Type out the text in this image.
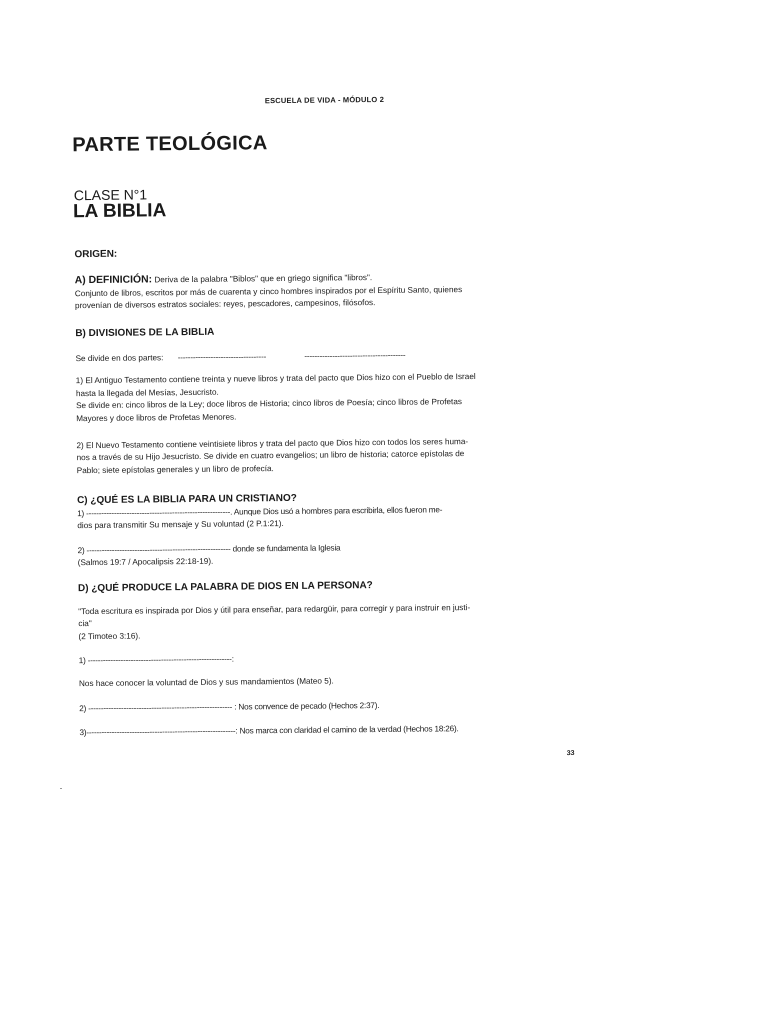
ESCUELA DE VIDA - MÓDULO 2
PARTE TEOLÓGICA
CLASE N°1
LA BIBLIA
ORIGEN:
A) DEFINICIÓN: Deriva de la palabra "Biblos" que en griego significa "libros".
Conjunto de libros, escritos por más de cuarenta y cinco hombres inspirados por el Espíritu Santo, quienes
provenían de diversos estratos sociales: reyes, pescadores, campesinos, filósofos.
B) DIVISIONES DE LA BIBLIA
Se divide en dos partes: -----------------------------------	----------------------------------------
1) El Antiguo Testamento contiene treinta y nueve libros y trata del pacto que Dios hizo con el Pueblo de Israel
hasta la llegada del Mesías, Jesucristo.
Se divide en: cinco libros de la Ley; doce libros de Historia; cinco libros de Poesía; cinco libros de Profetas
Mayores y doce libros de Profetas Menores.
2) El Nuevo Testamento contiene veintisiete libros y trata del pacto que Dios hizo con todos los seres huma-
nos a través de su Hijo Jesucristo. Se divide en cuatro evangelios; un libro de historia; catorce epístolas de
Pablo; siete epístolas generales y un libro de profecía.
C) ¿QUÉ ES LA BIBLIA PARA UN CRISTIANO?
1) ---------------------------------------------------------. Aunque Dios usó a hombres para escribirla, ellos fueron me-
dios para transmitir Su mensaje y Su voluntad (2 P.1:21).
2) --------------------------------------------------------- donde se fundamenta la Iglesia
(Salmos 19:7 / Apocalipsis 22:18-19).
D) ¿QUÉ PRODUCE LA PALABRA DE DIOS EN LA PERSONA?
"Toda escritura es inspirada por Dios y útil para enseñar, para redargüir, para corregir y para instruir en justi-
cia"
(2 Timoteo 3:16).
1) ---------------------------------------------------------:
Nos hace conocer la voluntad de Dios y sus mandamientos (Mateo 5).
2) --------------------------------------------------------- : Nos convence de pecado (Hechos 2:37).
3)-----------------------------------------------------------: Nos marca con claridad el camino de la verdad (Hechos 18:26).
33
